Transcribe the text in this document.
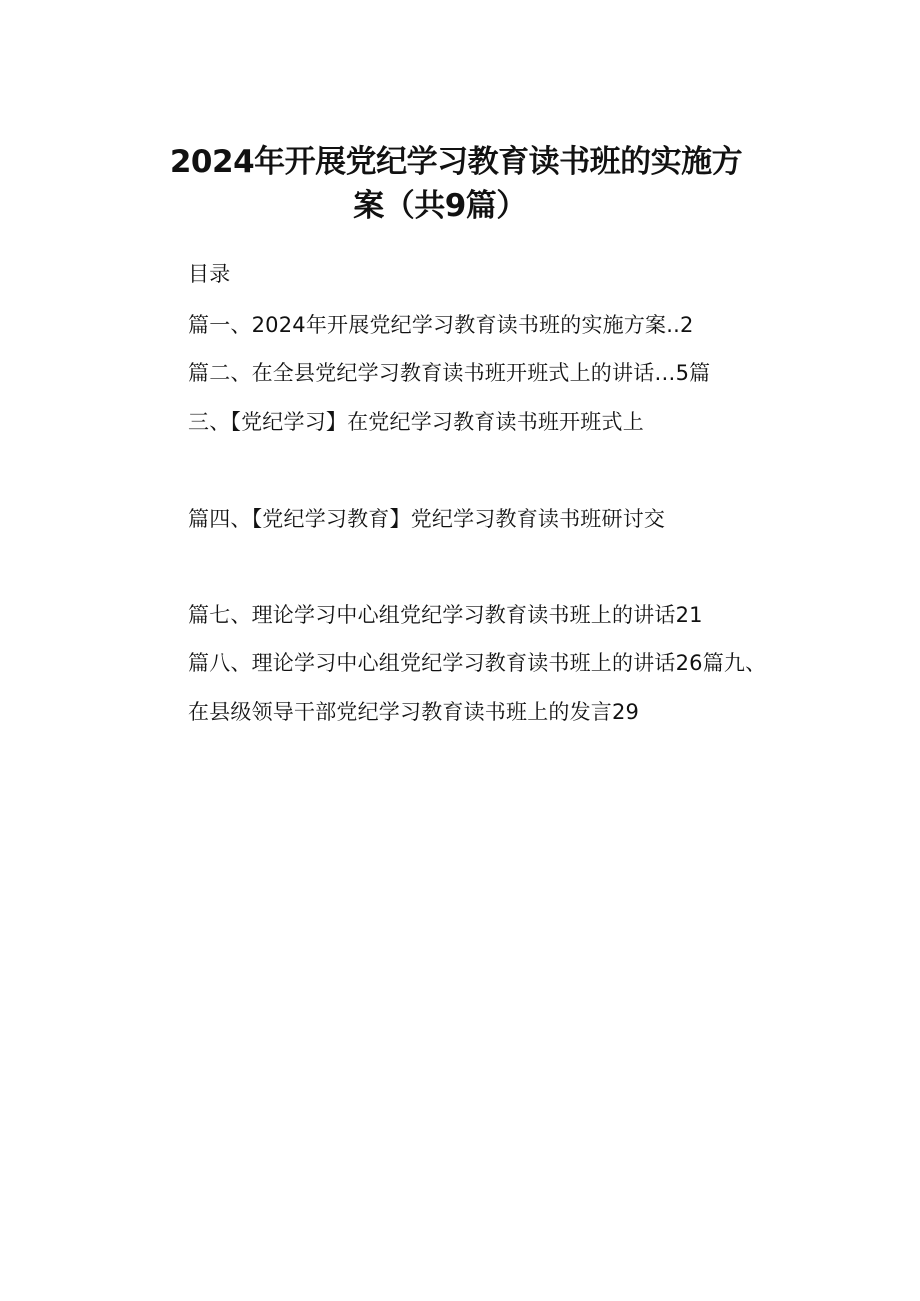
2024年开展党纪学习教育读书班的实施方
案（共9篇）
目录
篇一、2024年开展党纪学习教育读书班的实施方案..2
篇二、在全县党纪学习教育读书班开班式上的讲话…5篇
三、【党纪学习】在党纪学习教育读书班开班式上
篇四、【党纪学习教育】党纪学习教育读书班研讨交
篇七、理论学习中心组党纪学习教育读书班上的讲话21
篇八、理论学习中心组党纪学习教育读书班上的讲话26篇九、
在县级领导干部党纪学习教育读书班上的发言29
